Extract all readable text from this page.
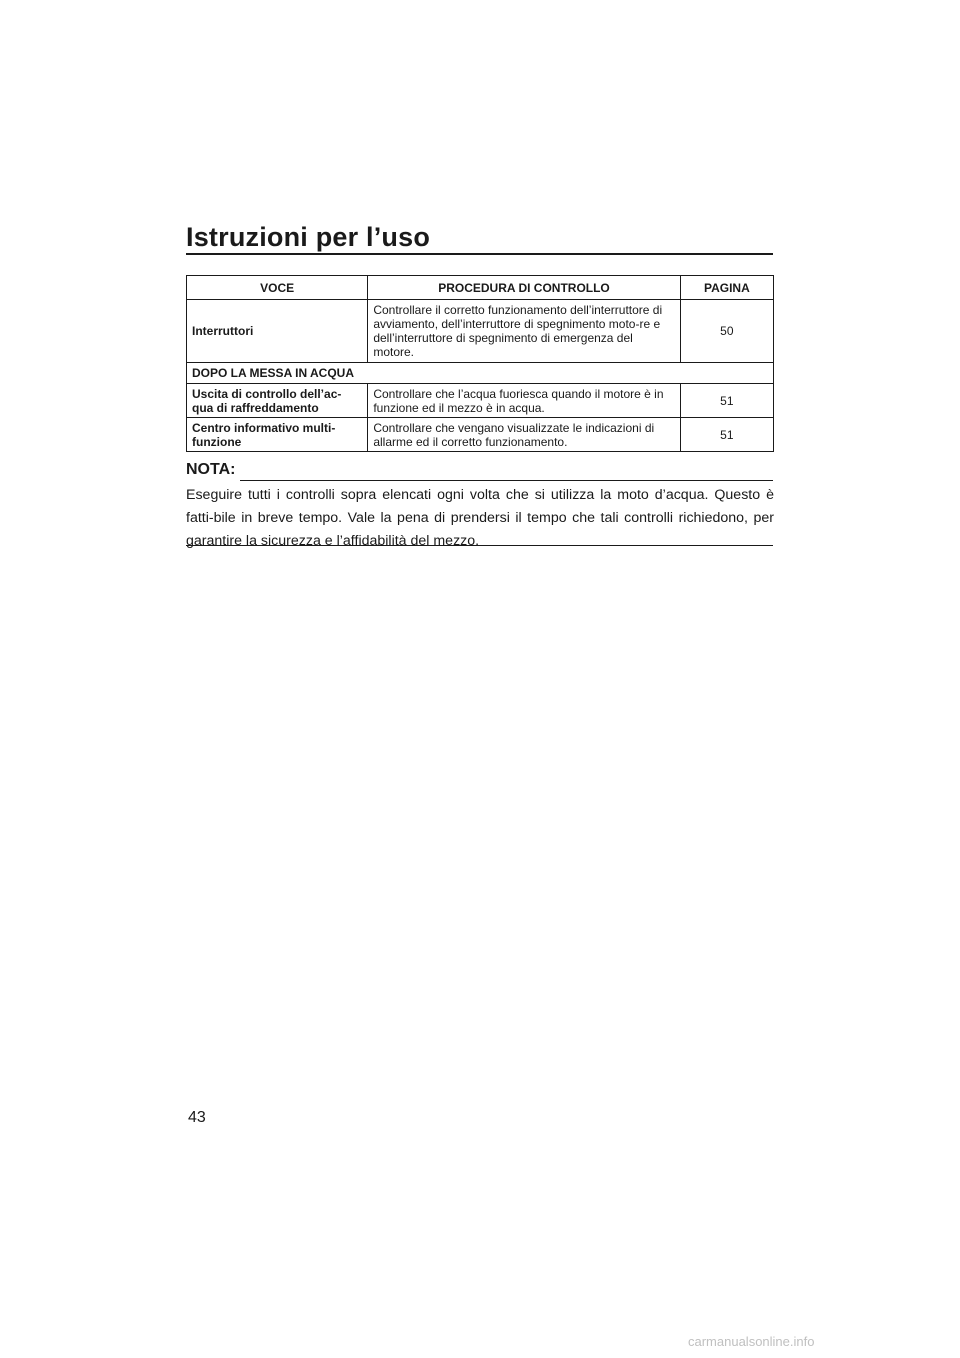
Istruzioni per l’uso
VOCE	PROCEDURA DI CONTROLLO	PAGINA
Interruttori	Controllare il corretto funzionamento dell’interruttore di avviamento, dell’interruttore di spegnimento moto-re e dell’interruttore di spegnimento di emergenza del motore.	50
DOPO LA MESSA IN ACQUA		
Uscita di controllo dell’ac-qua di raffreddamento	Controllare che l’acqua fuoriesca quando il motore è in funzione ed il mezzo è in acqua.	51
Centro informativo multi-funzione	Controllare che vengano visualizzate le indicazioni di allarme ed il corretto funzionamento.	51
NOTA:

Eseguire tutti i controlli sopra elencati ogni volta che si utilizza la moto d’acqua. Questo è fatti-bile in breve tempo. Vale la pena di prendersi il tempo che tali controlli richiedono, per garantire la sicurezza e l’affidabilità del mezzo.

43
carmanualsonline.info
